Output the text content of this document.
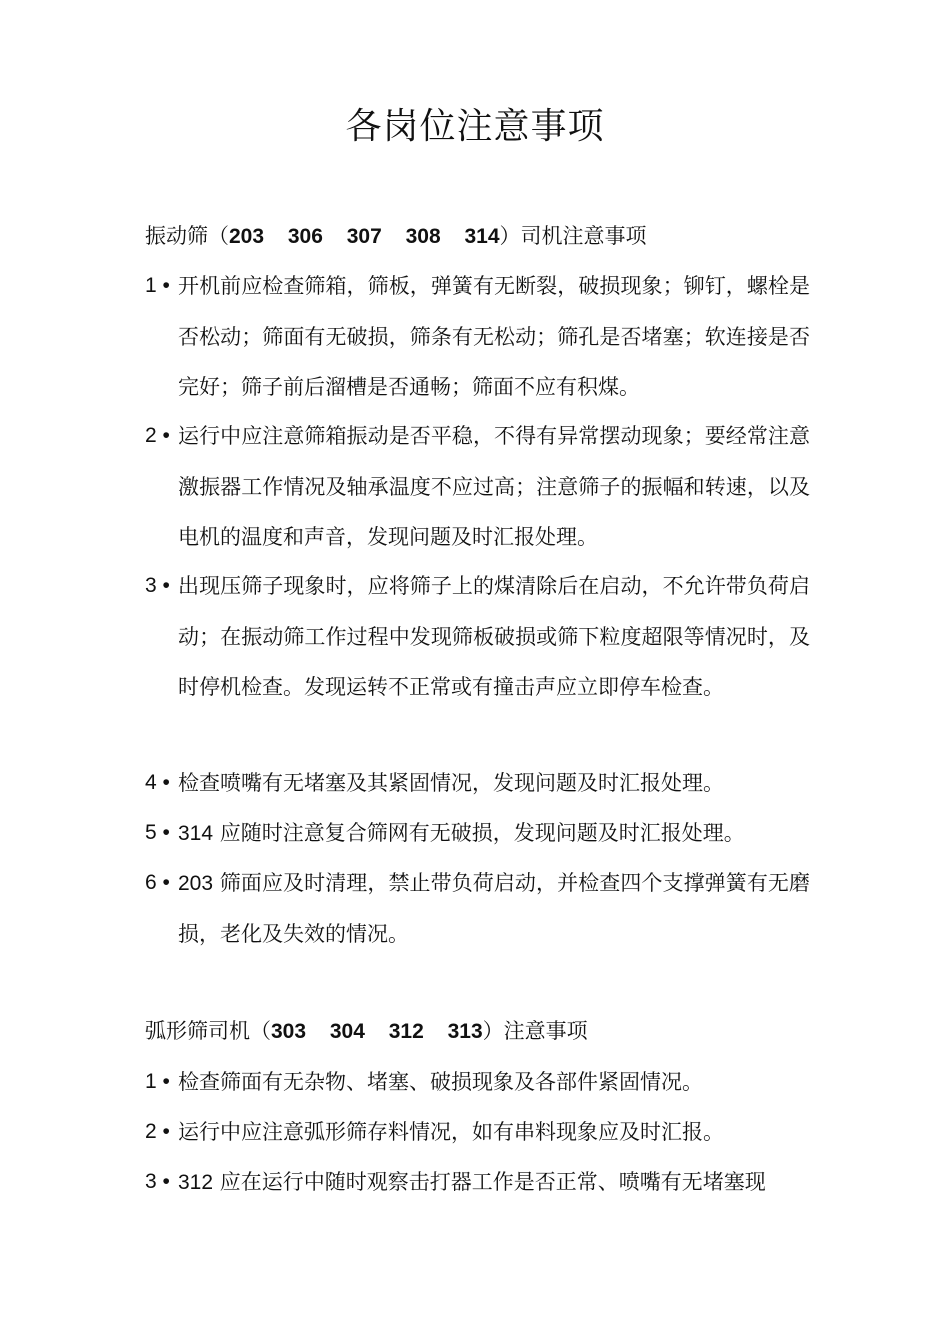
各岗位注意事项
振动筛（203 306 307 308 314）司机注意事项
1 • 开机前应检查筛箱，筛板，弹簧有无断裂，破损现象；铆钉，螺栓是否松动；筛面有无破损，筛条有无松动；筛孔是否堵塞；软连接是否完好；筛子前后溜槽是否通畅；筛面不应有积煤。
2 • 运行中应注意筛箱振动是否平稳，不得有异常摆动现象；要经常注意激振器工作情况及轴承温度不应过高；注意筛子的振幅和转速，以及电机的温度和声音，发现问题及时汇报处理。
3 • 出现压筛子现象时，应将筛子上的煤清除后在启动，不允许带负荷启动；在振动筛工作过程中发现筛板破损或筛下粒度超限等情况时，及时停机检查。发现运转不正常或有撞击声应立即停车检查。
4 • 检查喷嘴有无堵塞及其紧固情况，发现问题及时汇报处理。
5 • 314 应随时注意复合筛网有无破损，发现问题及时汇报处理。
6 • 203 筛面应及时清理，禁止带负荷启动，并检查四个支撑弹簧有无磨损，老化及失效的情况。
弧形筛司机（303 304 312 313）注意事项
1 • 检查筛面有无杂物、堵塞、破损现象及各部件紧固情况。
2 • 运行中应注意弧形筛存料情况，如有串料现象应及时汇报。
3 • 312 应在运行中随时观察击打器工作是否正常、喷嘴有无堵塞现
